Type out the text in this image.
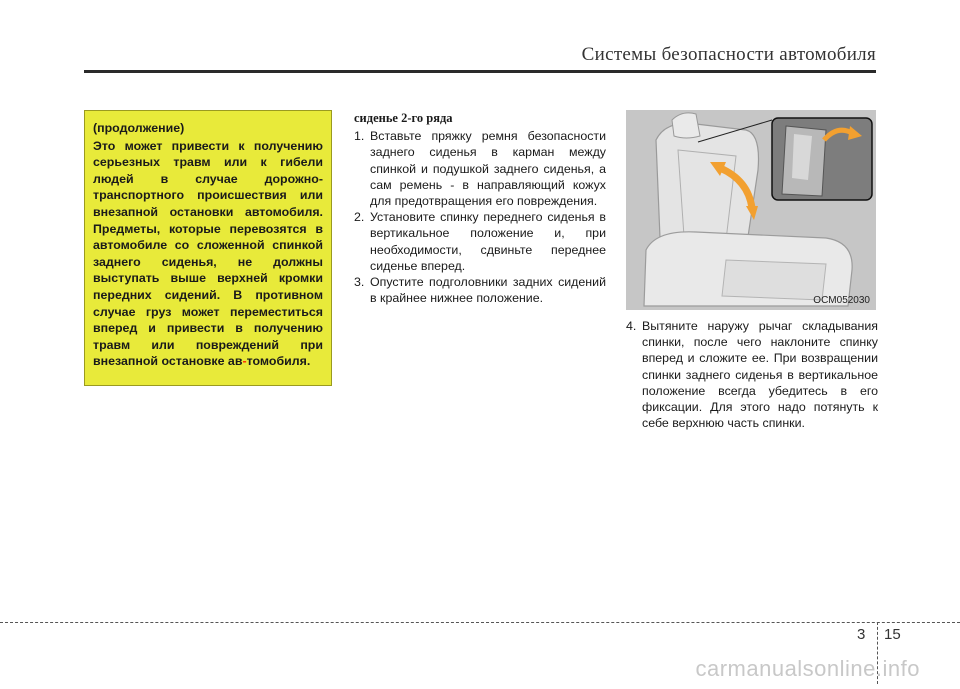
Системы безопасности автомобиля
(продолжение)
Это может привести к получению серьезных травм или к гибели людей в случае дорожно-транспортного происшествия или внезапной остановки автомобиля. Предметы, которые перевозятся в автомобиле со сложенной спинкой заднего сиденья, не должны выступать выше верхней кромки передних сидений. В противном случае груз может переместиться вперед и привести в получению травм или повреждений при внезапной остановке ав-томобиля.
сиденье 2-го ряда
1. Вставьте пряжку ремня безопасности заднего сиденья в карман между спинкой и подушкой заднего сиденья, а сам ремень - в направляющий кожух для предотвращения его повреждения.
2. Установите спинку переднего сиденья в вертикальное положение и, при необходимости, сдвиньте переднее сиденье вперед.
3. Опустите подголовники задних сидений в крайнее нижнее положение.	OCM052030
4. Вытяните наружу рычаг складывания спинки, после чего наклоните спинку вперед и сложите ее. При возвращении спинки заднего сиденья в вертикальное положение всегда убедитесь в его фиксации. Для этого надо потянуть к себе верхнюю часть спинки.
3 15
carmanualsonline.info
